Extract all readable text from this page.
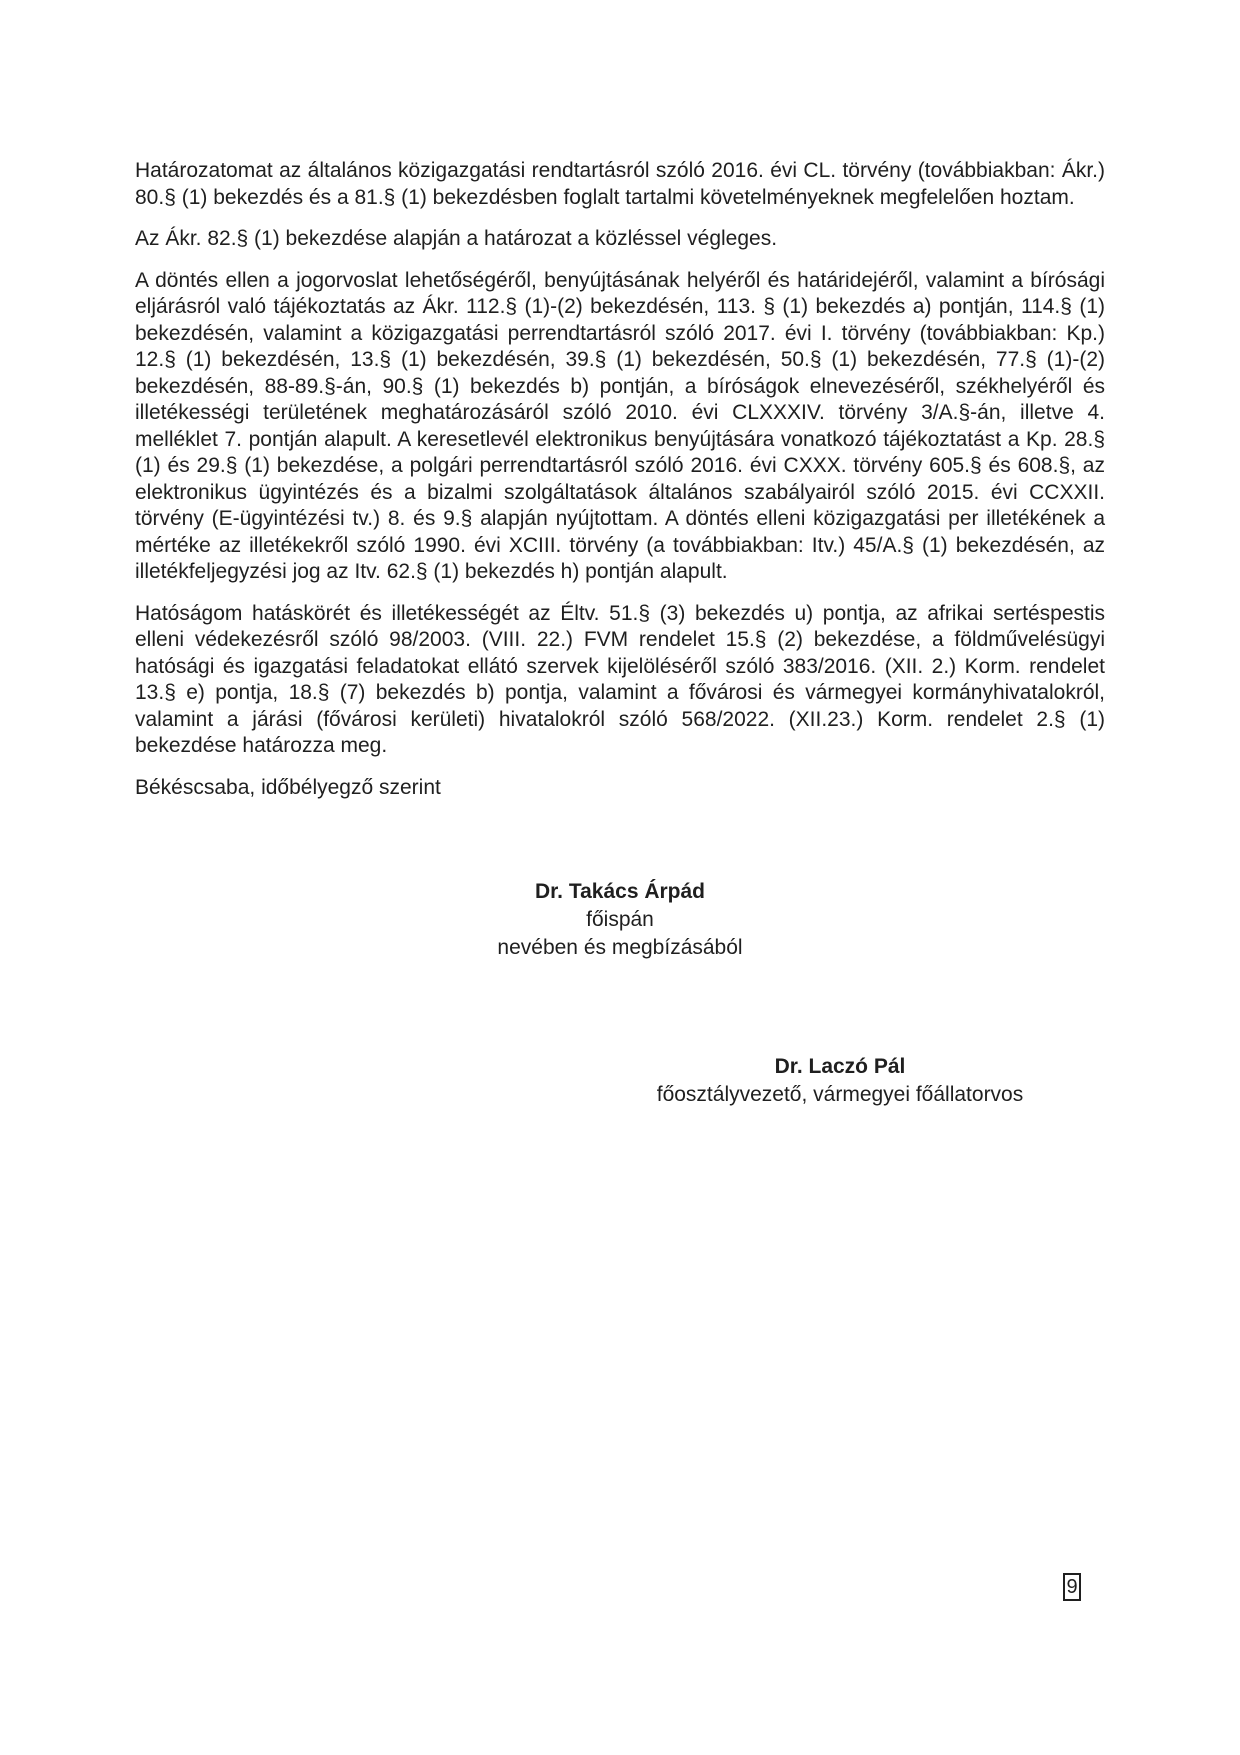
Határozatomat az általános közigazgatási rendtartásról szóló 2016. évi CL. törvény (továbbiakban: Ákr.) 80.§ (1) bekezdés és a 81.§ (1) bekezdésben foglalt tartalmi követelményeknek megfelelően hoztam.

Az Ákr. 82.§ (1) bekezdése alapján a határozat a közléssel végleges.

A döntés ellen a jogorvoslat lehetőségéről, benyújtásának helyéről és határidejéről, valamint a bírósági eljárásról való tájékoztatás az Ákr. 112.§ (1)-(2) bekezdésén, 113. § (1) bekezdés a) pontján, 114.§ (1) bekezdésén, valamint a közigazgatási perrendtartásról szóló 2017. évi I. törvény (továbbiakban: Kp.) 12.§ (1) bekezdésén, 13.§ (1) bekezdésén, 39.§ (1) bekezdésén, 50.§ (1) bekezdésén, 77.§ (1)-(2) bekezdésén, 88-89.§-án, 90.§ (1) bekezdés b) pontján, a bíróságok elnevezéséről, székhelyéről és illetékességi területének meghatározásáról szóló 2010. évi CLXXXIV. törvény 3/A.§-án, illetve 4. melléklet 7. pontján alapult. A keresetlevél elektronikus benyújtására vonatkozó tájékoztatást a Kp. 28.§ (1) és 29.§ (1) bekezdése, a polgári perrendtartásról szóló 2016. évi CXXX. törvény 605.§ és 608.§, az elektronikus ügyintézés és a bizalmi szolgáltatások általános szabályairól szóló 2015. évi CCXXII. törvény (E-ügyintézési tv.) 8. és 9.§ alapján nyújtottam. A döntés elleni közigazgatási per illetékének a mértéke az illetékekről szóló 1990. évi XCIII. törvény (a továbbiakban: Itv.) 45/A.§ (1) bekezdésén, az illetékfeljegyzési jog az Itv. 62.§ (1) bekezdés h) pontján alapult.

Hatóságom hatáskörét és illetékességét az Éltv. 51.§ (3) bekezdés u) pontja, az afrikai sertéspestis elleni védekezésről szóló 98/2003. (VIII. 22.) FVM rendelet 15.§ (2) bekezdése, a földművelésügyi hatósági és igazgatási feladatokat ellátó szervek kijelöléséről szóló 383/2016. (XII. 2.) Korm. rendelet 13.§ e) pontja, 18.§ (7) bekezdés b) pontja, valamint a fővárosi és vármegyei kormányhivatalokról, valamint a járási (fővárosi kerületi) hivatalokról szóló 568/2022. (XII.23.) Korm. rendelet 2.§ (1) bekezdése határozza meg.

Békéscsaba, időbélyegző szerint

Dr. Takács Árpád
főispán
nevében és megbízásából
Dr. Laczó Pál
főosztályvezető, vármegyei főállatorvos
9
